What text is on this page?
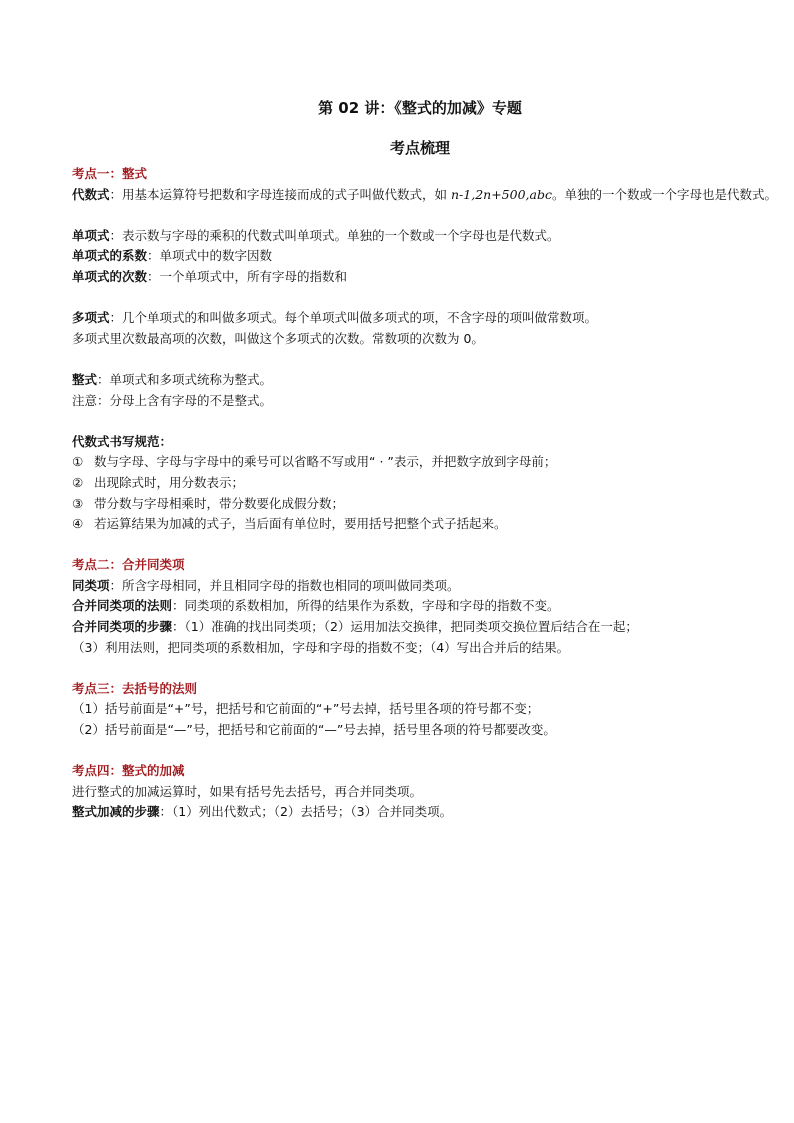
第 02 讲：《整式的加减》专题
考点梳理
考点一：整式
代数式：用基本运算符号把数和字母连接而成的式子叫做代数式，如 n-1,2n+500,abc。单独的一个数或一个字母也是代数式。
单项式：表示数与字母的乘积的代数式叫单项式。单独的一个数或一个字母也是代数式。
单项式的系数：单项式中的数字因数
单项式的次数：一个单项式中，所有字母的指数和
多项式：几个单项式的和叫做多项式。每个单项式叫做多项式的项，不含字母的项叫做常数项。
多项式里次数最高项的次数，叫做这个多项式的次数。常数项的次数为 0。
整式：单项式和多项式统称为整式。
注意：分母上含有字母的不是整式。
代数式书写规范：
① 数与字母、字母与字母中的乘号可以省略不写或用“ · ”表示，并把数字放到字母前；
② 出现除式时，用分数表示；
③ 带分数与字母相乘时，带分数要化成假分数；
④ 若运算结果为加减的式子，当后面有单位时，要用括号把整个式子括起来。
考点二：合并同类项
同类项：所含字母相同，并且相同字母的指数也相同的项叫做同类项。
合并同类项的法则：同类项的系数相加，所得的结果作为系数，字母和字母的指数不变。
合并同类项的步骤：（1）准确的找出同类项；（2）运用加法交换律，把同类项交换位置后结合在一起；
（3）利用法则，把同类项的系数相加，字母和字母的指数不变；（4）写出合并后的结果。
考点三：去括号的法则
（1）括号前面是“+”号，把括号和它前面的“+”号去掉，括号里各项的符号都不变；
（2）括号前面是“—”号，把括号和它前面的“—”号去掉，括号里各项的符号都要改变。
考点四：整式的加减
进行整式的加减运算时，如果有括号先去括号，再合并同类项。
整式加减的步骤：（1）列出代数式；（2）去括号；（3）合并同类项。
